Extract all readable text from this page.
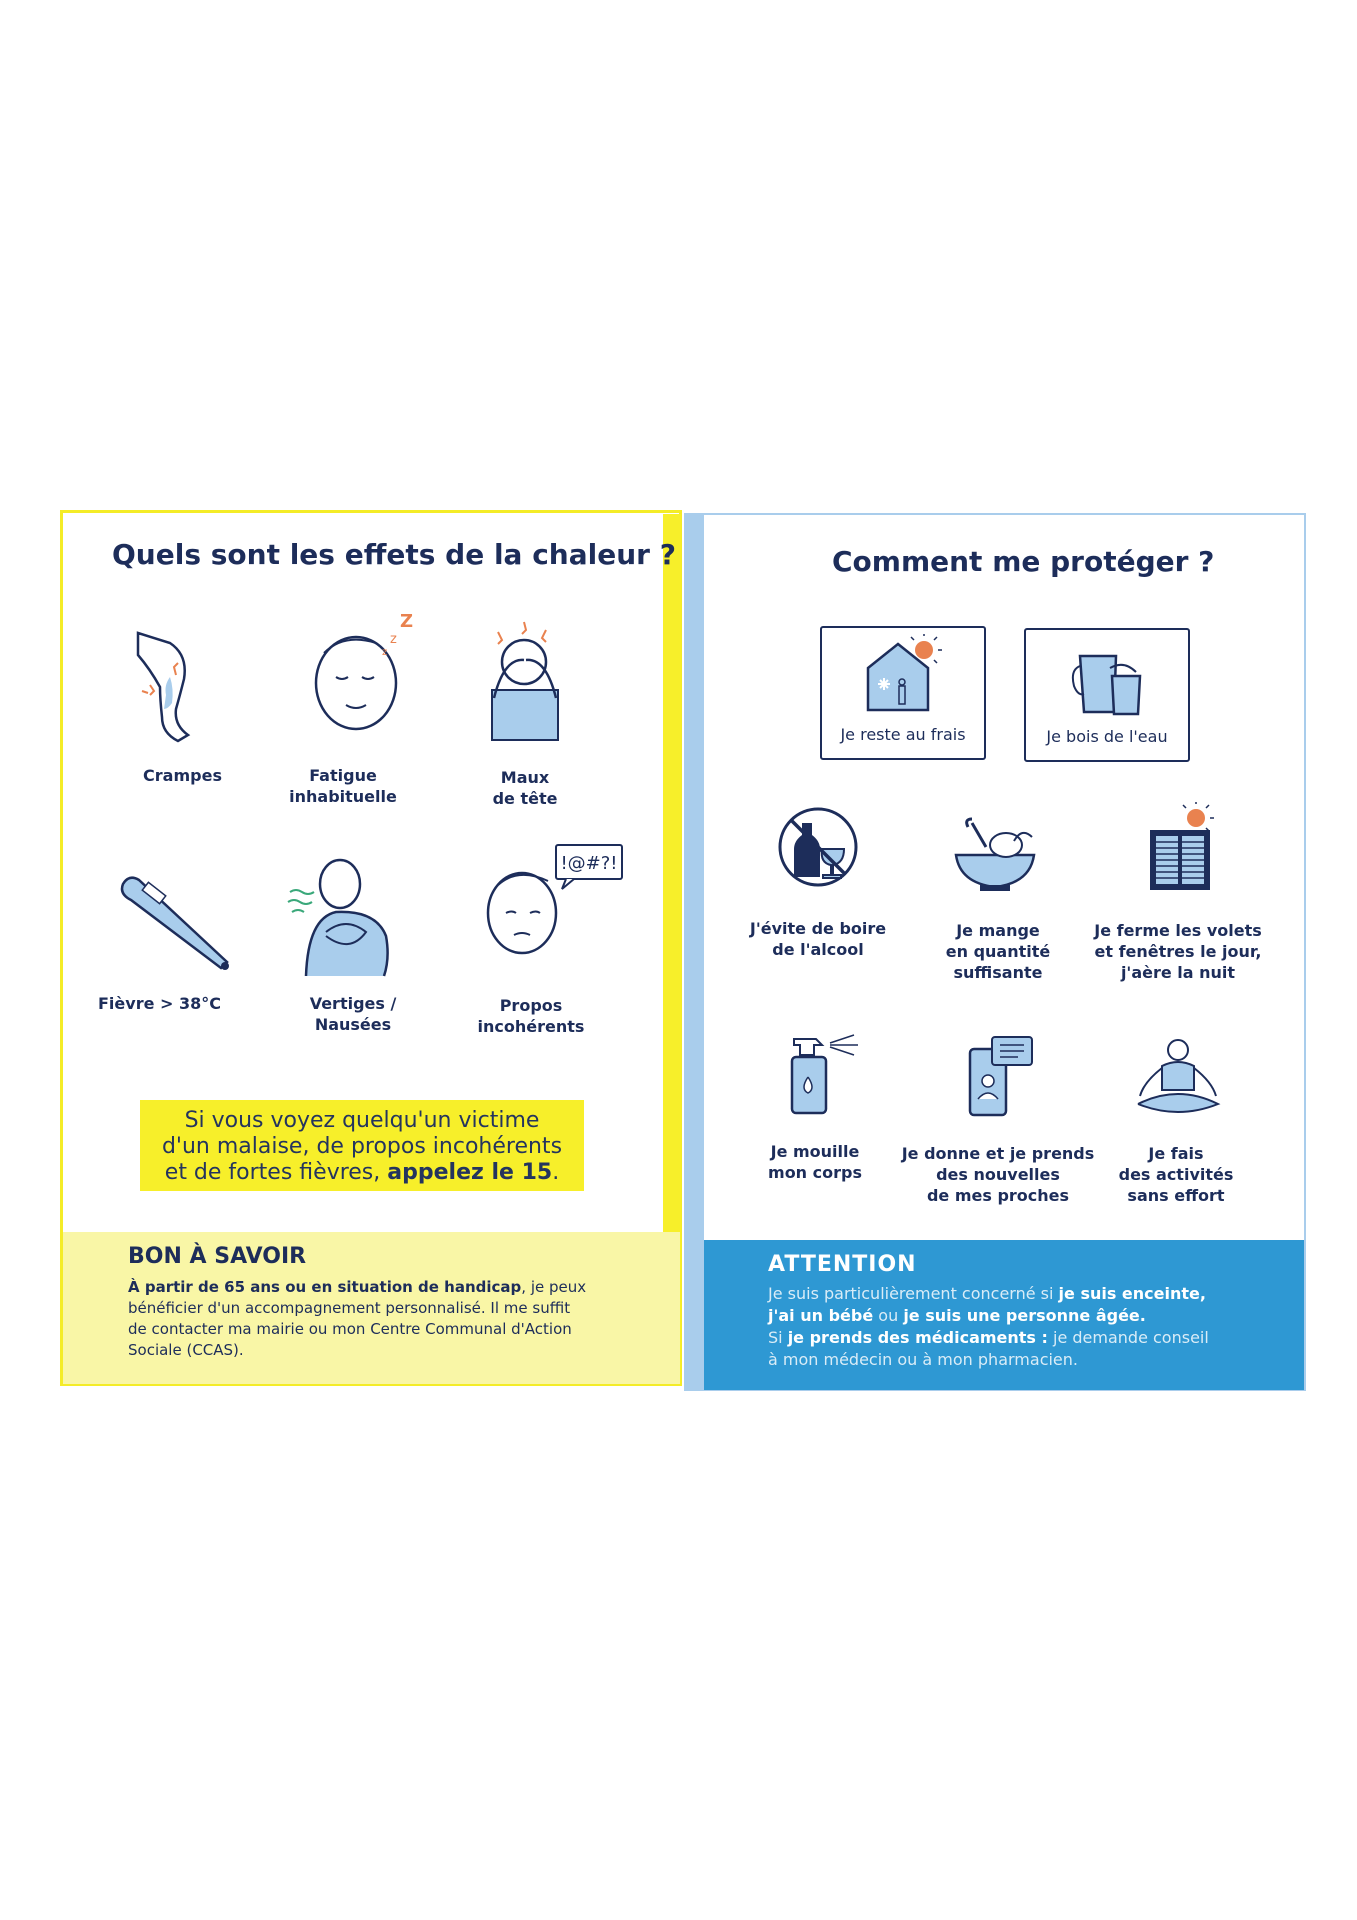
Quels sont les effets de la chaleur ?
Z
z
z
Crampes	Fatigue
inhabituelle
Maux
de tête
!@#?!
Fièvre > 38°C	Vertiges /
Nausées
Propos
incohérents
Si vous voyez quelqu'un victime
d'un malaise, de propos incohérents
et de fortes fièvres, appelez le 15.
BON À SAVOIR
À partir de 65 ans ou en situation de handicap, je peux
bénéficier d'un accompagnement personnalisé. Il me suffit
de contacter ma mairie ou mon Centre Communal d'Action
Sociale (CCAS).
Comment me protéger ?
Je reste au frais	Je bois de l'eau
J'évite de boire
de l'alcool
Je mange
en quantité
suffisante
Je ferme les volets
et fenêtres le jour,
j'aère la nuit
Je mouille
mon corps
Je donne et je prends
des nouvelles
de mes proches
Je fais
des activités
sans effort
ATTENTION
Je suis particulièrement concerné si je suis enceinte,
j'ai un bébé ou je suis une personne âgée.
Si je prends des médicaments : je demande conseil
à mon médecin ou à mon pharmacien.
